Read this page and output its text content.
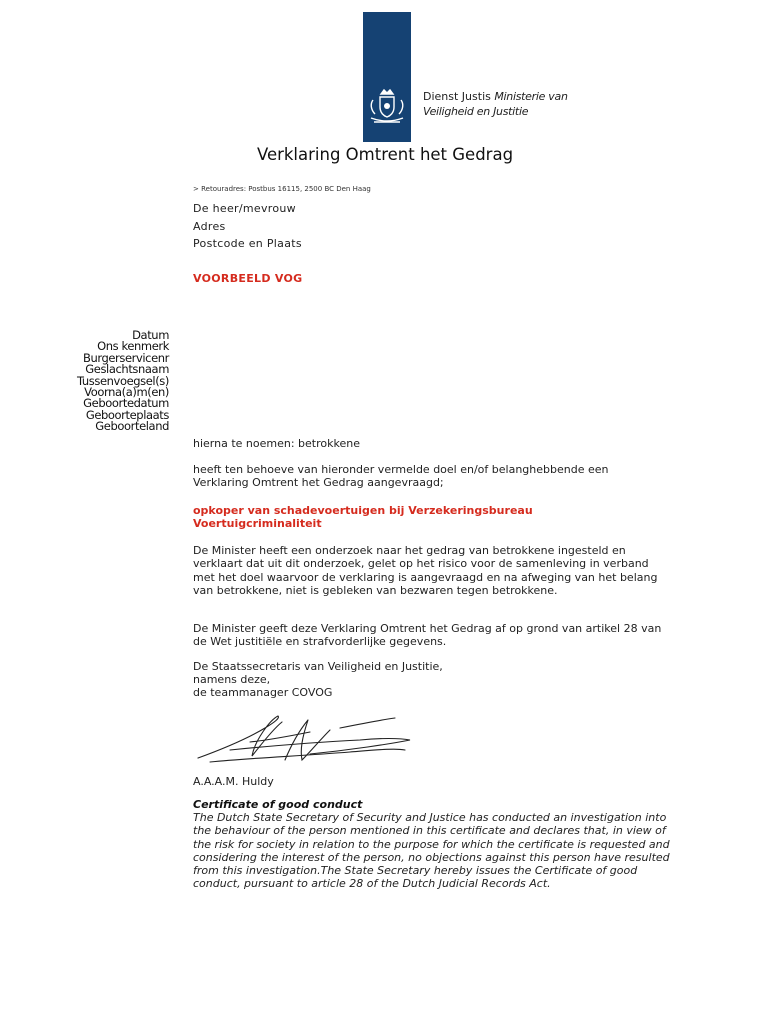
Dienst Justis Ministerie van
Veiligheid en Justitie
Verklaring Omtrent het Gedrag
> Retouradres: Postbus 16115, 2500 BC Den Haag
De heer/mevrouw
Adres
Postcode en Plaats
VOORBEELD VOG
Datum
Ons kenmerk
Burgerservicenr
Geslachtsnaam
Tussenvoegsel(s)
Voorna(a)m(en)
Geboortedatum
Geboorteplaats
Geboorteland
hierna te noemen: betrokkene
heeft ten behoeve van hieronder vermelde doel en/of belanghebbende een Verklaring Omtrent het Gedrag aangevraagd;
opkoper van schadevoertuigen bij Verzekeringsbureau Voertuigcriminaliteit
De Minister heeft een onderzoek naar het gedrag van betrokkene ingesteld en verklaart dat uit dit onderzoek, gelet op het risico voor de samenleving in verband met het doel waarvoor de verklaring is aangevraagd en na afweging van het belang van betrokkene, niet is gebleken van bezwaren tegen betrokkene.
De Minister geeft deze Verklaring Omtrent het Gedrag af op grond van artikel 28 van de Wet justitiële en strafvorderlijke gegevens.
De Staatssecretaris van Veiligheid en Justitie,
namens deze,
de teammanager COVOG
A.A.A.M. Huldy
Certificate of good conduct
The Dutch State Secretary of Security and Justice has conducted an investigation into the behaviour of the person mentioned in this certificate and declares that, in view of the risk for society in relation to the purpose for which the certificate is requested and considering the interest of the person, no objections against this person have resulted from this investigation.The State Secretary hereby issues the Certificate of good conduct, pursuant to article 28 of the Dutch Judicial Records Act.
